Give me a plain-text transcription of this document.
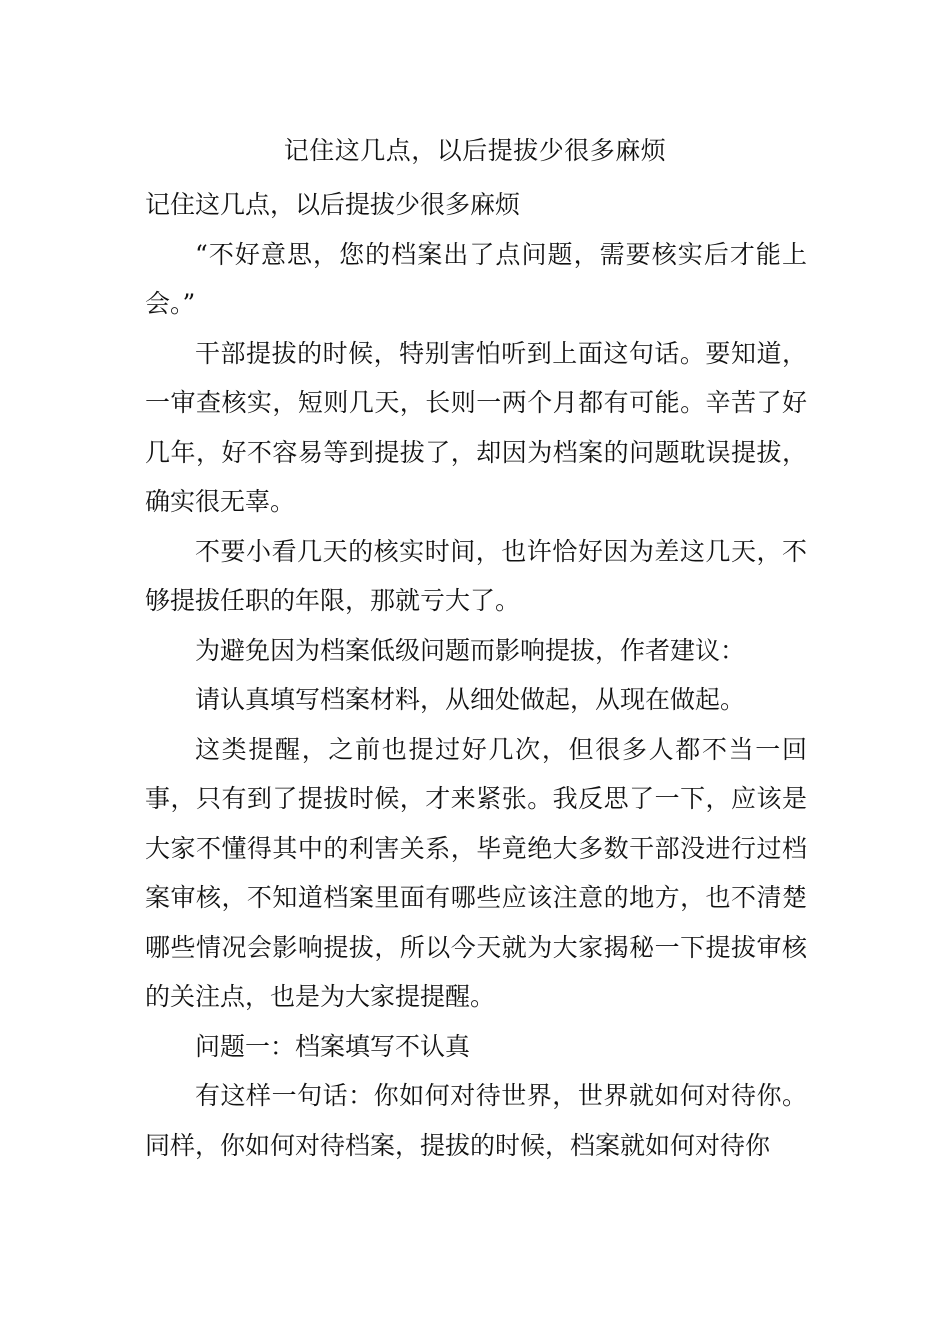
记住这几点，以后提拔少很多麻烦

记住这几点，以后提拔少很多麻烦

“不好意思，您的档案出了点问题，需要核实后才能上会。”

干部提拔的时候，特别害怕听到上面这句话。要知道，一审查核实，短则几天，长则一两个月都有可能。辛苦了好几年，好不容易等到提拔了，却因为档案的问题耽误提拔，确实很无辜。

不要小看几天的核实时间，也许恰好因为差这几天，不够提拔任职的年限，那就亏大了。

为避免因为档案低级问题而影响提拔，作者建议：

请认真填写档案材料，从细处做起，从现在做起。

这类提醒，之前也提过好几次，但很多人都不当一回事，只有到了提拔时候，才来紧张。我反思了一下，应该是大家不懂得其中的利害关系，毕竟绝大多数干部没进行过档案审核，不知道档案里面有哪些应该注意的地方，也不清楚哪些情况会影响提拔，所以今天就为大家揭秘一下提拔审核的关注点，也是为大家提提醒。

问题一：档案填写不认真

有这样一句话：你如何对待世界，世界就如何对待你。同样，你如何对待档案，提拔的时候，档案就如何对待你
